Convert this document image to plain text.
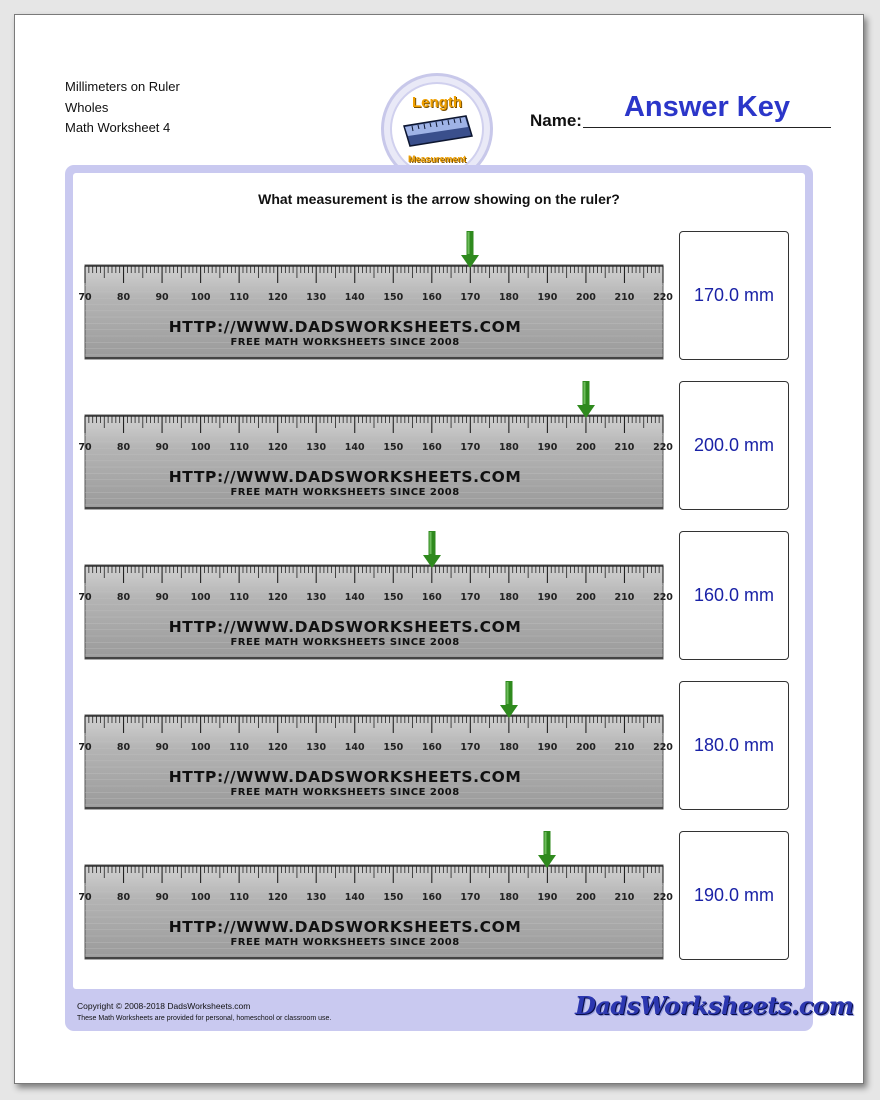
Millimeters on Ruler
Wholes
Math Worksheet 4
Length
Measurement
Name:	Answer Key
What measurement is the arrow showing on the ruler?
70	80	90 100 110 120 130 140 150 160 170 180 190 200 210 220
HTTP://WWW.DADSWORKSHEETS.COM
FREE MATH WORKSHEETS SINCE 2008
170.0 mm
70	80	90 100 110 120 130 140 150 160 170 180 190 200 210 220
HTTP://WWW.DADSWORKSHEETS.COM
FREE MATH WORKSHEETS SINCE 2008
200.0 mm
70	80	90 100 110 120 130 140 150 160 170 180 190 200 210 220
HTTP://WWW.DADSWORKSHEETS.COM
FREE MATH WORKSHEETS SINCE 2008
160.0 mm
70	80	90 100 110 120 130 140 150 160 170 180 190 200 210 220
HTTP://WWW.DADSWORKSHEETS.COM
FREE MATH WORKSHEETS SINCE 2008
180.0 mm
70	80	90 100 110 120 130 140 150 160 170 180 190 200 210 220
HTTP://WWW.DADSWORKSHEETS.COM
FREE MATH WORKSHEETS SINCE 2008
190.0 mm
Copyright © 2008-2018 DadsWorksheets.com
These Math Worksheets are provided for personal, homeschool or classroom use.	DadsWorksheets.com
